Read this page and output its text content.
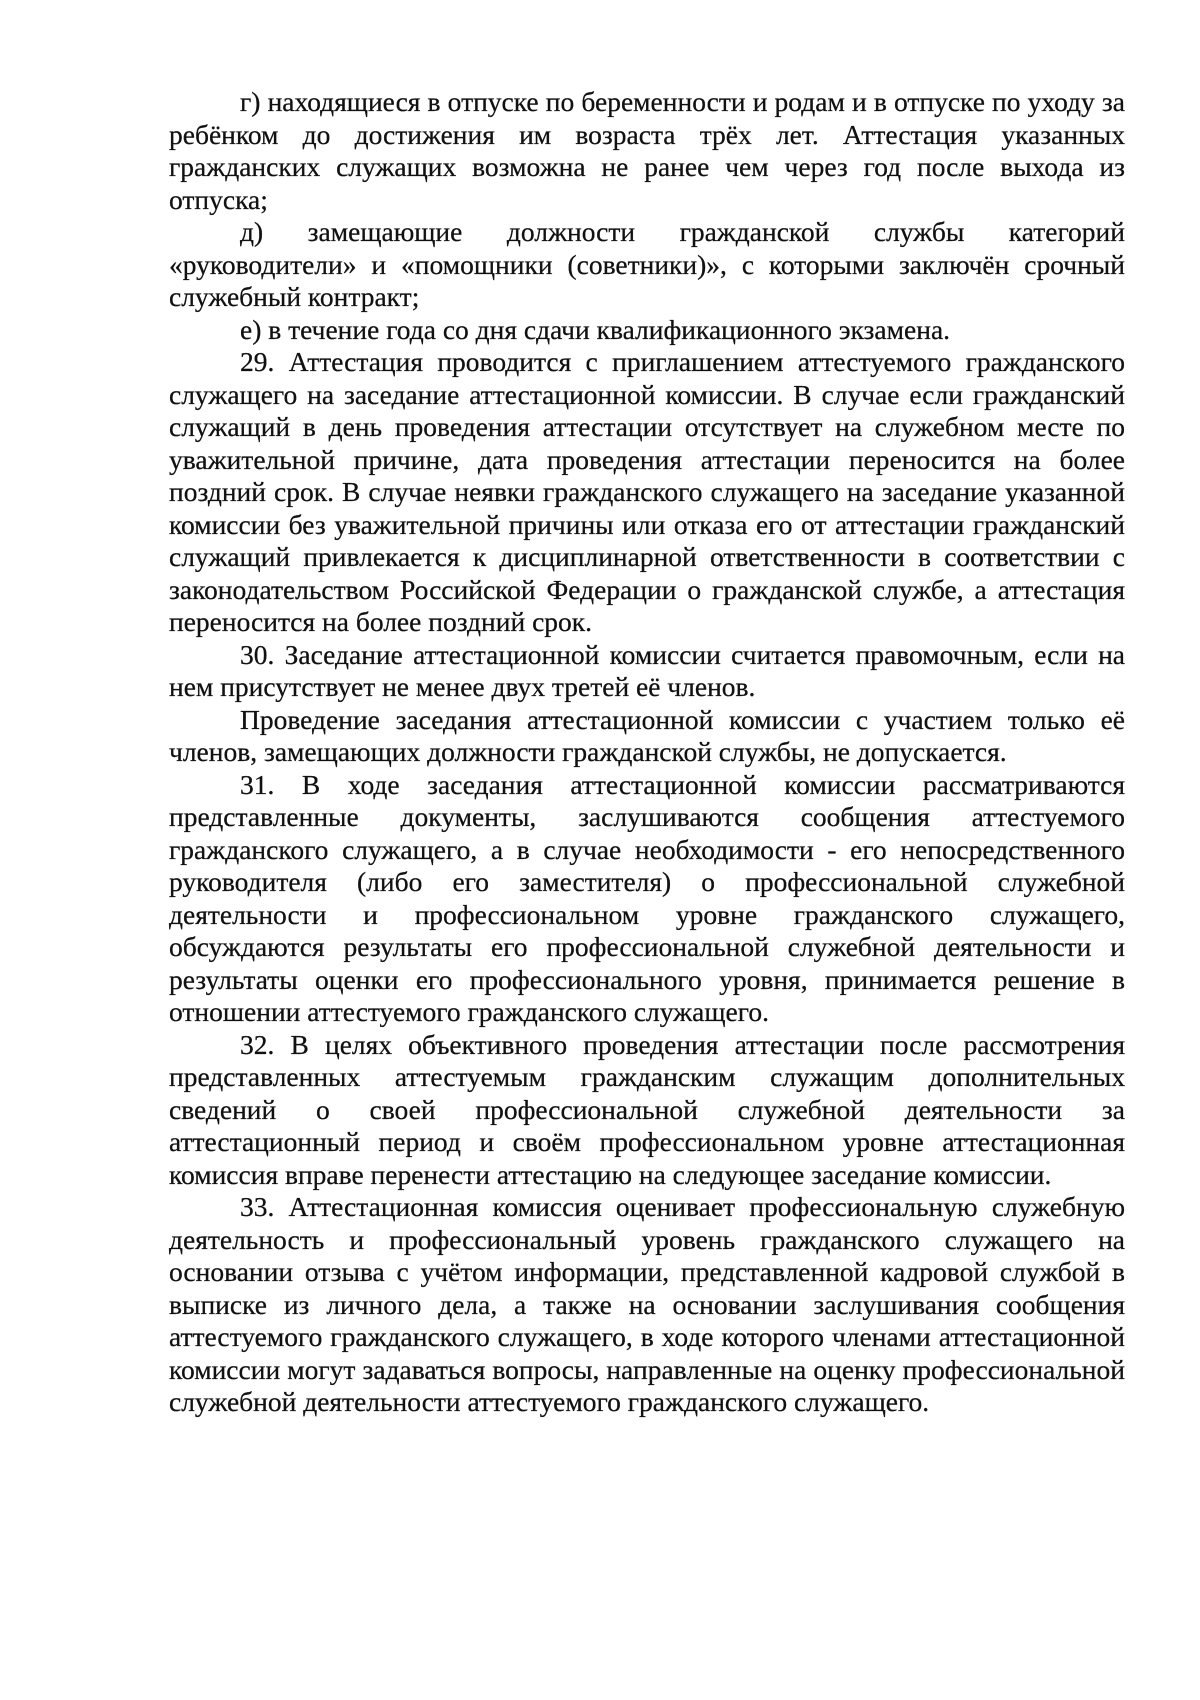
г) находящиеся в отпуске по беременности и родам и в отпуске по уходу за ребёнком до достижения им возраста трёх лет. Аттестация указанных гражданских служащих возможна не ранее чем через год после выхода из отпуска;

д) замещающие должности гражданской службы категорий «руководители» и «помощники (советники)», с которыми заключён срочный служебный контракт;

е) в течение года со дня сдачи квалификационного экзамена.

29. Аттестация проводится с приглашением аттестуемого гражданского служащего на заседание аттестационной комиссии. В случае если гражданский служащий в день проведения аттестации отсутствует на служебном месте по уважительной причине, дата проведения аттестации переносится на более поздний срок. В случае неявки гражданского служащего на заседание указанной комиссии без уважительной причины или отказа его от аттестации гражданский служащий привлекается к дисциплинарной ответственности в соответствии с законодательством Российской Федерации о гражданской службе, а аттестация переносится на более поздний срок.

30. Заседание аттестационной комиссии считается правомочным, если на нем присутствует не менее двух третей её членов.

Проведение заседания аттестационной комиссии с участием только её членов, замещающих должности гражданской службы, не допускается.

31. В ходе заседания аттестационной комиссии рассматриваются представленные документы, заслушиваются сообщения аттестуемого гражданского служащего, а в случае необходимости - его непосредственного руководителя (либо его заместителя) о профессиональной служебной деятельности и профессиональном уровне гражданского служащего, обсуждаются результаты его профессиональной служебной деятельности и результаты оценки его профессионального уровня, принимается решение в отношении аттестуемого гражданского служащего.

32. В целях объективного проведения аттестации после рассмотрения представленных аттестуемым гражданским служащим дополнительных сведений о своей профессиональной служебной деятельности за аттестационный период и своём профессиональном уровне аттестационная комиссия вправе перенести аттестацию на следующее заседание комиссии.

33. Аттестационная комиссия оценивает профессиональную служебную деятельность и профессиональный уровень гражданского служащего на основании отзыва с учётом информации, представленной кадровой службой в выписке из личного дела, а также на основании заслушивания сообщения аттестуемого гражданского служащего, в ходе которого членами аттестационной комиссии могут задаваться вопросы, направленные на оценку профессиональной служебной деятельности аттестуемого гражданского служащего.
